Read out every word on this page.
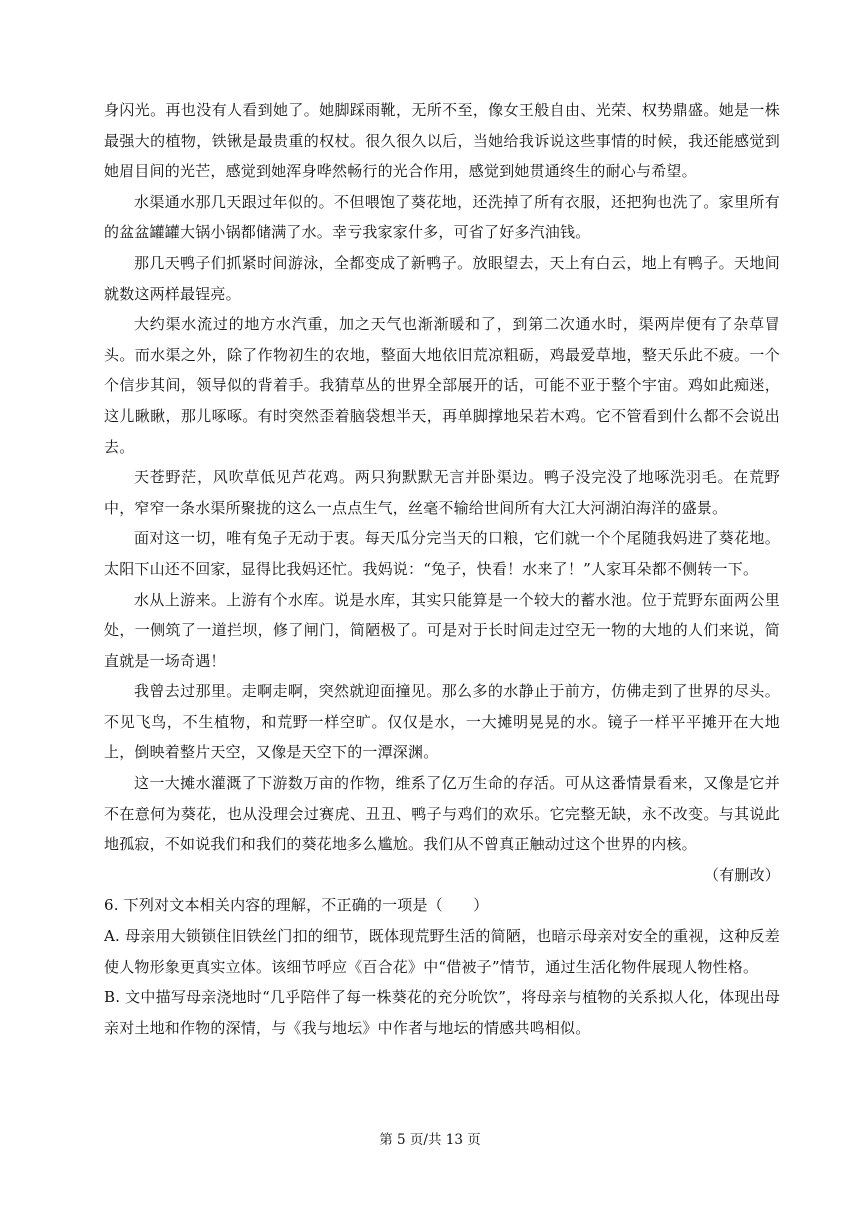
身闪光。再也没有人看到她了。她脚踩雨靴，无所不至，像女王般自由、光荣、权势鼎盛。她是一株最强大的植物，铁锹是最贵重的权杖。很久很久以后，当她给我诉说这些事情的时候，我还能感觉到她眉目间的光芒，感觉到她浑身哗然畅行的光合作用，感觉到她贯通终生的耐心与希望。

水渠通水那几天跟过年似的。不但喂饱了葵花地，还洗掉了所有衣服，还把狗也洗了。家里所有的盆盆罐罐大锅小锅都储满了水。幸亏我家家什多，可省了好多汽油钱。

那几天鸭子们抓紧时间游泳，全都变成了新鸭子。放眼望去，天上有白云，地上有鸭子。天地间就数这两样最锃亮。

大约渠水流过的地方水汽重，加之天气也渐渐暖和了，到第二次通水时，渠两岸便有了杂草冒头。而水渠之外，除了作物初生的农地，整面大地依旧荒凉粗砺，鸡最爱草地，整天乐此不疲。一个个信步其间，领导似的背着手。我猜草丛的世界全部展开的话，可能不亚于整个宇宙。鸡如此痴迷，这儿瞅瞅，那儿啄啄。有时突然歪着脑袋想半天，再单脚撑地呆若木鸡。它不管看到什么都不会说出去。

天苍野茫，风吹草低见芦花鸡。两只狗默默无言并卧渠边。鸭子没完没了地啄洗羽毛。在荒野中，窄窄一条水渠所聚拢的这么一点点生气，丝毫不输给世间所有大江大河湖泊海洋的盛景。

面对这一切，唯有兔子无动于衷。每天瓜分完当天的口粮，它们就一个个尾随我妈进了葵花地。太阳下山还不回家，显得比我妈还忙。我妈说：“兔子，快看！水来了！”人家耳朵都不侧转一下。

水从上游来。上游有个水库。说是水库，其实只能算是一个较大的蓄水池。位于荒野东面两公里处，一侧筑了一道拦坝，修了闸门，简陋极了。可是对于长时间走过空无一物的大地的人们来说，简直就是一场奇遇！

我曾去过那里。走啊走啊，突然就迎面撞见。那么多的水静止于前方，仿佛走到了世界的尽头。不见飞鸟，不生植物，和荒野一样空旷。仅仅是水，一大摊明晃晃的水。镜子一样平平摊开在大地上，倒映着整片天空，又像是天空下的一潭深渊。

这一大摊水灌溉了下游数万亩的作物，维系了亿万生命的存活。可从这番情景看来，又像是它并不在意何为葵花，也从没理会过赛虎、丑丑、鸭子与鸡们的欢乐。它完整无缺，永不改变。与其说此地孤寂，不如说我们和我们的葵花地多么尴尬。我们从不曾真正触动过这个世界的内核。

（有删改）
6. 下列对文本相关内容的理解，不正确的一项是（　　）
A. 母亲用大锁锁住旧铁丝门扣的细节，既体现荒野生活的简陋，也暗示母亲对安全的重视，这种反差使人物形象更真实立体。该细节呼应《百合花》中“借被子”情节，通过生活化物件展现人物性格。
B. 文中描写母亲浇地时“几乎陪伴了每一株葵花的充分吮饮”，将母亲与植物的关系拟人化，体现出母亲对土地和作物的深情，与《我与地坛》中作者与地坛的情感共鸣相似。
第 5 页/共 13 页
